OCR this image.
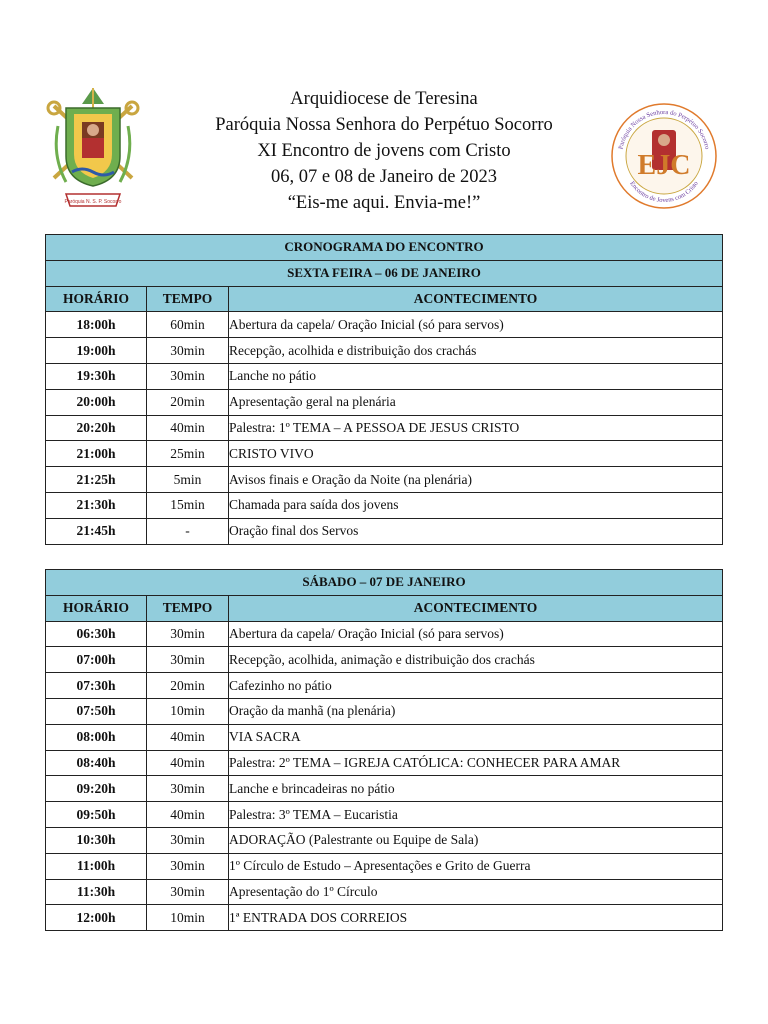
Paróquia N. S. P. Socorro
Arquidiocese de Teresina
Paróquia Nossa Senhora do Perpétuo Socorro
XI Encontro de jovens com Cristo
06, 07 e 08 de Janeiro de 2023
“Eis-me aqui. Envia-me!”
Paróquia Nossa Senhora do Perpétuo Socorro
Encontro de Jovens com Cristo
EJC
CRONOGRAMA DO ENCONTRO		
SEXTA FEIRA – 06 DE JANEIRO		
HORÁRIO	TEMPO	ACONTECIMENTO
18:00h	60min	Abertura da capela/ Oração Inicial (só para servos)
19:00h	30min	Recepção, acolhida e distribuição dos crachás
19:30h	30min	Lanche no pátio
20:00h	20min	Apresentação geral na plenária
20:20h	40min	Palestra: 1º TEMA – A PESSOA DE JESUS CRISTO
21:00h	25min	CRISTO VIVO
21:25h	5min	Avisos finais e Oração da Noite (na plenária)
21:30h	15min	Chamada para saída dos jovens
21:45h	-	Oração final dos Servos
SÁBADO – 07 DE JANEIRO		
HORÁRIO	TEMPO	ACONTECIMENTO
06:30h	30min	Abertura da capela/ Oração Inicial (só para servos)
07:00h	30min	Recepção, acolhida, animação e distribuição dos crachás
07:30h	20min	Cafezinho no pátio
07:50h	10min	Oração da manhã (na plenária)
08:00h	40min	VIA SACRA
08:40h	40min	Palestra: 2º TEMA – IGREJA CATÓLICA: CONHECER PARA AMAR
09:20h	30min	Lanche e brincadeiras no pátio
09:50h	40min	Palestra: 3º TEMA – Eucaristia
10:30h	30min	ADORAÇÃO (Palestrante ou Equipe de Sala)
11:00h	30min	1º Círculo de Estudo – Apresentações e Grito de Guerra
11:30h	30min	Apresentação do 1º Círculo
12:00h	10min	1ª ENTRADA DOS CORREIOS
